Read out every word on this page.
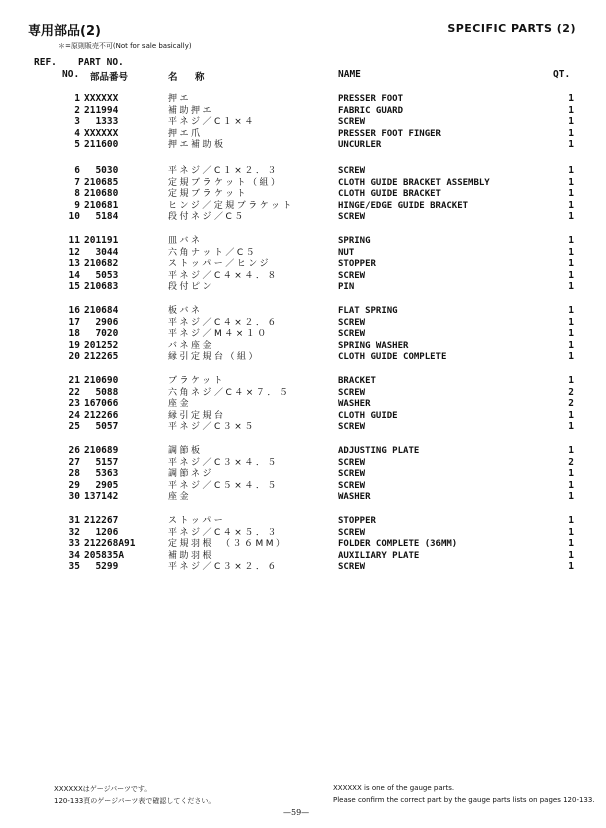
専用部品(2)	SPECIFIC PARTS (2)
＊=原則販売不可(Not for sale basically)
REF. PART NO.
NO. 部品番号	名　称	NAME	QT.
1 XXXXXX	押エ	PRESSER FOOT	1
2 211994	補助押エ	FABRIC GUARD	1
3 1333	平ネジ／C１×４	SCREW	1
4 XXXXXX	押エ爪	PRESSER FOOT FINGER	1
5 211600	押エ補助板	UNCURLER	1
6 5030	平ネジ／C１×２．３	SCREW	1
7 210685	定規ブラケット（組）	CLOTH GUIDE BRACKET ASSEMBLY	1
8 210680	定規ブラケット	CLOTH GUIDE BRACKET	1
9 210681	ヒンジ／定規ブラケット	HINGE/EDGE GUIDE BRACKET	1
10 5184	段付ネジ／C５	SCREW	1
11 201191	皿バネ	SPRING	1
12 3044	六角ナット／C５	NUT	1
13 210682	ストッパー／ヒンジ	STOPPER	1
14 5053	平ネジ／C４×４．８	SCREW	1
15 210683	段付ピン	PIN	1
16 210684	板バネ	FLAT SPRING	1
17 2906	平ネジ／C４×２．６	SCREW	1
18 7020	平ネジ／M４×１０	SCREW	1
19 201252	バネ座金	SPRING WASHER	1
20 212265	縁引定規台（組）	CLOTH GUIDE COMPLETE	1
21 210690	ブラケット	BRACKET	1
22 5088	六角ネジ／C４×７．５	SCREW	2
23 167066	座金	WASHER	2
24 212266	縁引定規台	CLOTH GUIDE	1
25 5057	平ネジ／C３×５	SCREW	1
26 210689	調節板	ADJUSTING PLATE	1
27 5157	平ネジ／C３×４．５	SCREW	2
28 5363	調節ネジ	SCREW	1
29 2905	平ネジ／C５×４．５	SCREW	1
30 137142	座金	WASHER	1
31 212267	ストッパー	STOPPER	1
32 1206	平ネジ／C４×５．３	SCREW	1
33 212268A91	定規羽根　（３６MM）	FOLDER COMPLETE (36MM)	1
34 205835A	補助羽根	AUXILIARY PLATE	1
35 5299	平ネジ／C３×２．６	SCREW	1
XXXXXXはゲージパーツです。
120-133頁のゲージパーツ表で確認してください。
XXXXXX is one of the gauge parts.
Please confirm the correct part by the gauge parts lists on pages 120-133.
—59—
